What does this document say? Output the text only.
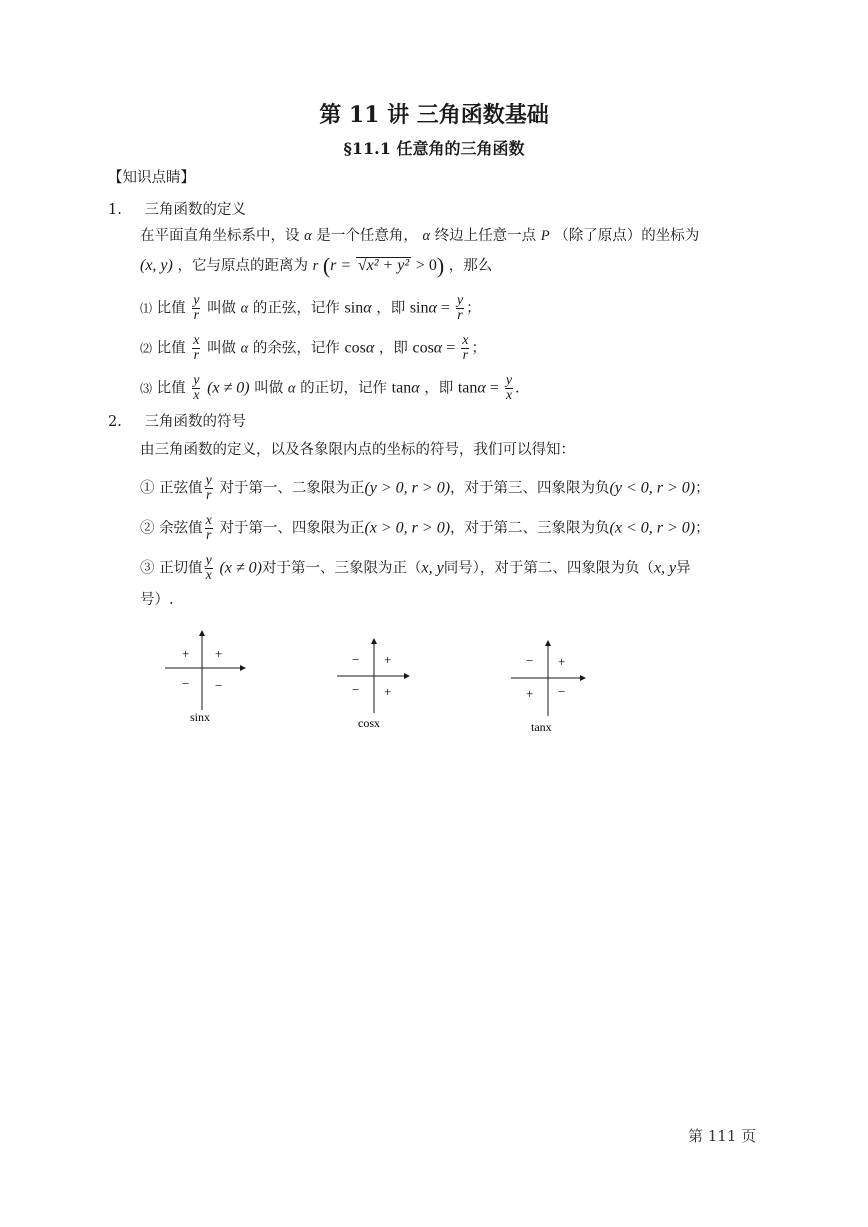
第 11 讲 三角函数基础
§11.1 任意角的三角函数
【知识点睛】
1. 三角函数的定义
在平面直角坐标系中，设 α 是一个任意角， α 终边上任意一点 P （除了原点）的坐标为
(x, y) ，它与原点的距离为 r (r = √x² + y² > 0) ，那么
⑴ 比值 $\frac{y}{r}$ 叫做 α 的正弦，记作 sinα ，即 $\sin\alpha = \frac{y}{r}$ ；
⑵ 比值 $\frac{x}{r}$ 叫做 α 的余弦，记作 cosα ，即 $\cos\alpha = \frac{x}{r}$ ；
⑶ 比值 $\frac{y}{x} (x \ne 0)$ 叫做 α 的正切，记作 tanα ，即 $\tan\alpha = \frac{y}{x}$ .
2. 三角函数的符号
由三角函数的定义，以及各象限内点的坐标的符号，我们可以得知：
① 正弦值 $\frac{y}{r}$ 对于第一、二象限为正(y > 0, r > 0)，对于第三、四象限为负(y < 0, r > 0)；
② 余弦值 $\frac{x}{r}$ 对于第一、四象限为正(x > 0, r > 0)，对于第二、三象限为负(x < 0, r > 0)；
③ 正切值 $\frac{y}{x} (x \ne 0)$对于第一、三象限为正（x, y同号），对于第二、四象限为负（x, y异
号）.
+ +
− −
sinx
− +
− +
cosx
− +
+ −
tanx
第 111 页
